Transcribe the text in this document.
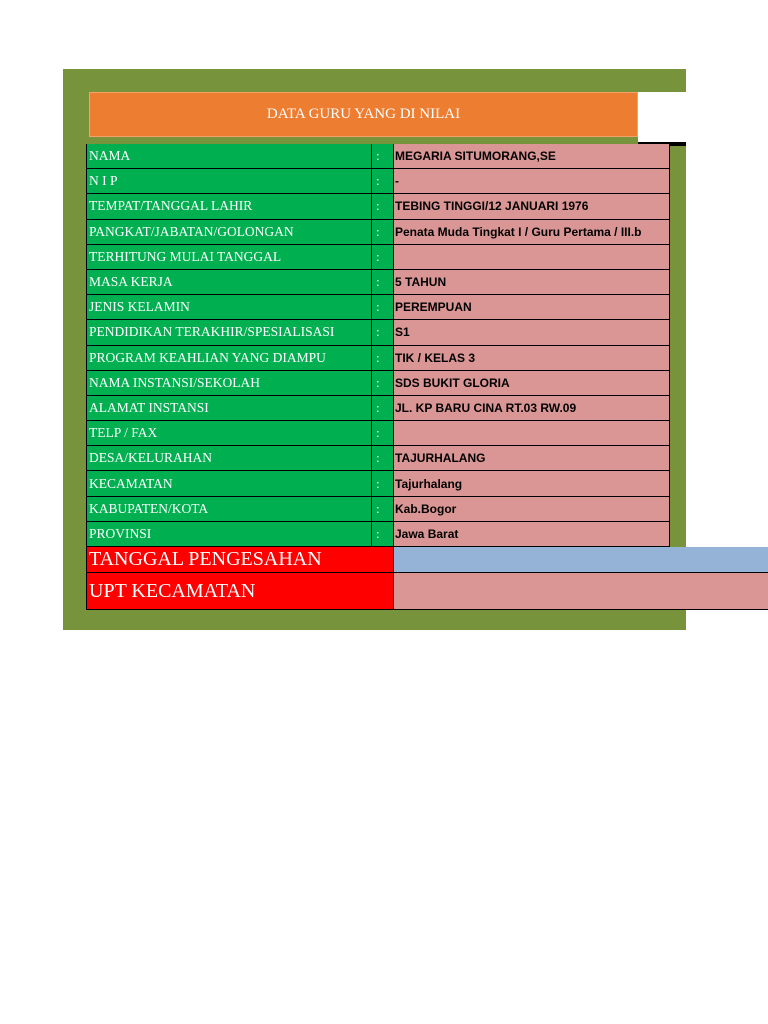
DATA GURU YANG DI NILAI
NAMA	:	MEGARIA SITUMORANG,SE
N I P	:	-
TEMPAT/TANGGAL LAHIR	:	TEBING TINGGI/12 JANUARI 1976
PANGKAT/JABATAN/GOLONGAN	:	Penata Muda Tingkat I / Guru Pertama / III.b
TERHITUNG MULAI TANGGAL	:
MASA KERJA	:	5 TAHUN
JENIS KELAMIN	:	PEREMPUAN
PENDIDIKAN TERAKHIR/SPESIALISASI	:	S1
PROGRAM KEAHLIAN YANG DIAMPU	:	TIK / KELAS 3
NAMA INSTANSI/SEKOLAH	:	SDS BUKIT GLORIA
ALAMAT INSTANSI	:	JL. KP BARU CINA RT.03 RW.09
TELP / FAX	:
DESA/KELURAHAN	:	TAJURHALANG
KECAMATAN	:	Tajurhalang
KABUPATEN/KOTA	:	Kab.Bogor
PROVINSI	:	Jawa Barat
TANGGAL PENGESAHAN
UPT KECAMATAN
